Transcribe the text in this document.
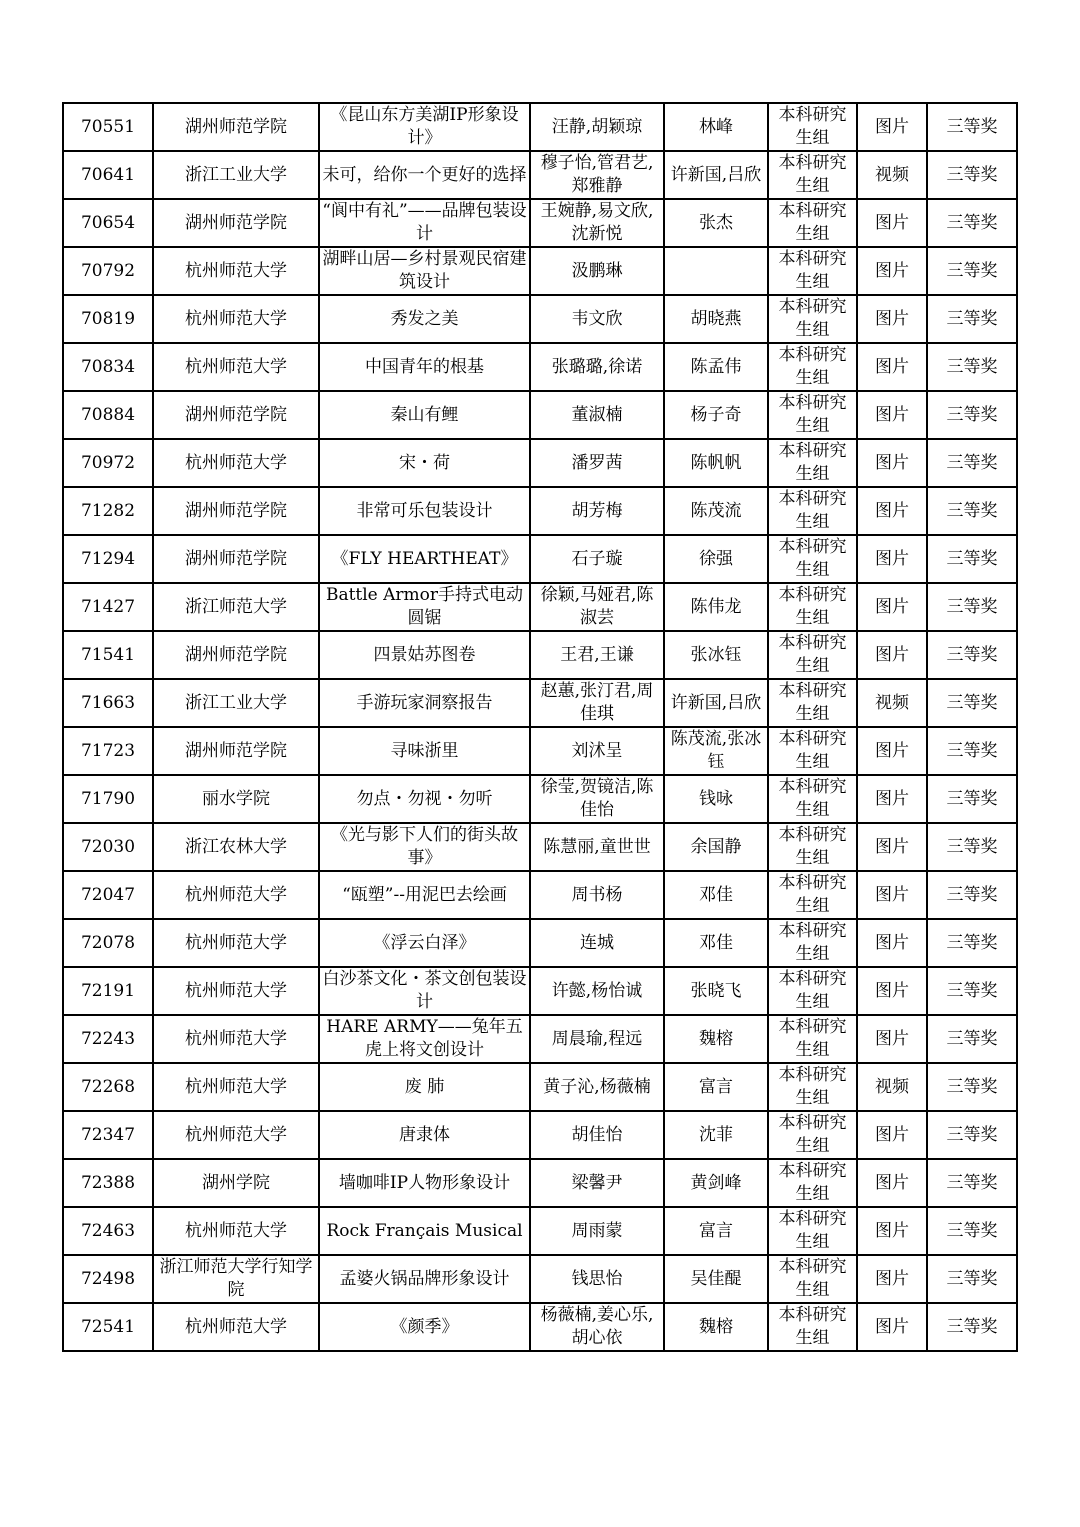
70551	湖州师范学院	《昆山东方美湖IP形象设计》	汪静,胡颖琼	林峰	本科研究生组	图片	三等奖
70641	浙江工业大学	未可，给你一个更好的选择	穆子怡,管君艺,郑雅静	许新国,吕欣	本科研究生组	视频	三等奖
70654	湖州师范学院	“阆中有礼”——品牌包装设计	王婉静,易文欣,沈新悦	张杰	本科研究生组	图片	三等奖
70792	杭州师范大学	湖畔山居—乡村景观民宿建筑设计	汲鹏琳		本科研究生组	图片	三等奖
70819	杭州师范大学	秀发之美	韦文欣	胡晓燕	本科研究生组	图片	三等奖
70834	杭州师范大学	中国青年的根基	张璐璐,徐诺	陈孟伟	本科研究生组	图片	三等奖
70884	湖州师范学院	秦山有鲤	董淑楠	杨子奇	本科研究生组	图片	三等奖
70972	杭州师范大学	宋・荷	潘罗茜	陈帆帆	本科研究生组	图片	三等奖
71282	湖州师范学院	非常可乐包装设计	胡芳梅	陈茂流	本科研究生组	图片	三等奖
71294	湖州师范学院	《FLY HEARTHEAT》	石子璇	徐强	本科研究生组	图片	三等奖
71427	浙江师范大学	Battle Armor手持式电动圆锯	徐颖,马娅君,陈淑芸	陈伟龙	本科研究生组	图片	三等奖
71541	湖州师范学院	四景姑苏图卷	王君,王谦	张冰钰	本科研究生组	图片	三等奖
71663	浙江工业大学	手游玩家洞察报告	赵蕙,张汀君,周佳琪	许新国,吕欣	本科研究生组	视频	三等奖
71723	湖州师范学院	寻味浙里	刘沭呈	陈茂流,张冰钰	本科研究生组	图片	三等奖
71790	丽水学院	勿点・勿视・勿听	徐莹,贺镜洁,陈佳怡	钱咏	本科研究生组	图片	三等奖
72030	浙江农林大学	《光与影下人们的街头故事》	陈慧丽,童世世	余国静	本科研究生组	图片	三等奖
72047	杭州师范大学	“瓯塑”--用泥巴去绘画	周书杨	邓佳	本科研究生组	图片	三等奖
72078	杭州师范大学	《浮云白泽》	连城	邓佳	本科研究生组	图片	三等奖
72191	杭州师范大学	白沙茶文化・茶文创包装设计	许懿,杨怡诚	张晓飞	本科研究生组	图片	三等奖
72243	杭州师范大学	HARE ARMY——兔年五虎上将文创设计	周晨瑜,程远	魏榕	本科研究生组	图片	三等奖
72268	杭州师范大学	废 肺	黄子沁,杨薇楠	富言	本科研究生组	视频	三等奖
72347	杭州师范大学	唐隶体	胡佳怡	沈菲	本科研究生组	图片	三等奖
72388	湖州学院	墙咖啡IP人物形象设计	梁馨尹	黄剑峰	本科研究生组	图片	三等奖
72463	杭州师范大学	Rock Français Musical	周雨蒙	富言	本科研究生组	图片	三等奖
72498	浙江师范大学行知学院	孟婆火锅品牌形象设计	钱思怡	吴佳醍	本科研究生组	图片	三等奖
72541	杭州师范大学	《颜季》	杨薇楠,姜心乐,胡心依	魏榕	本科研究生组	图片	三等奖
